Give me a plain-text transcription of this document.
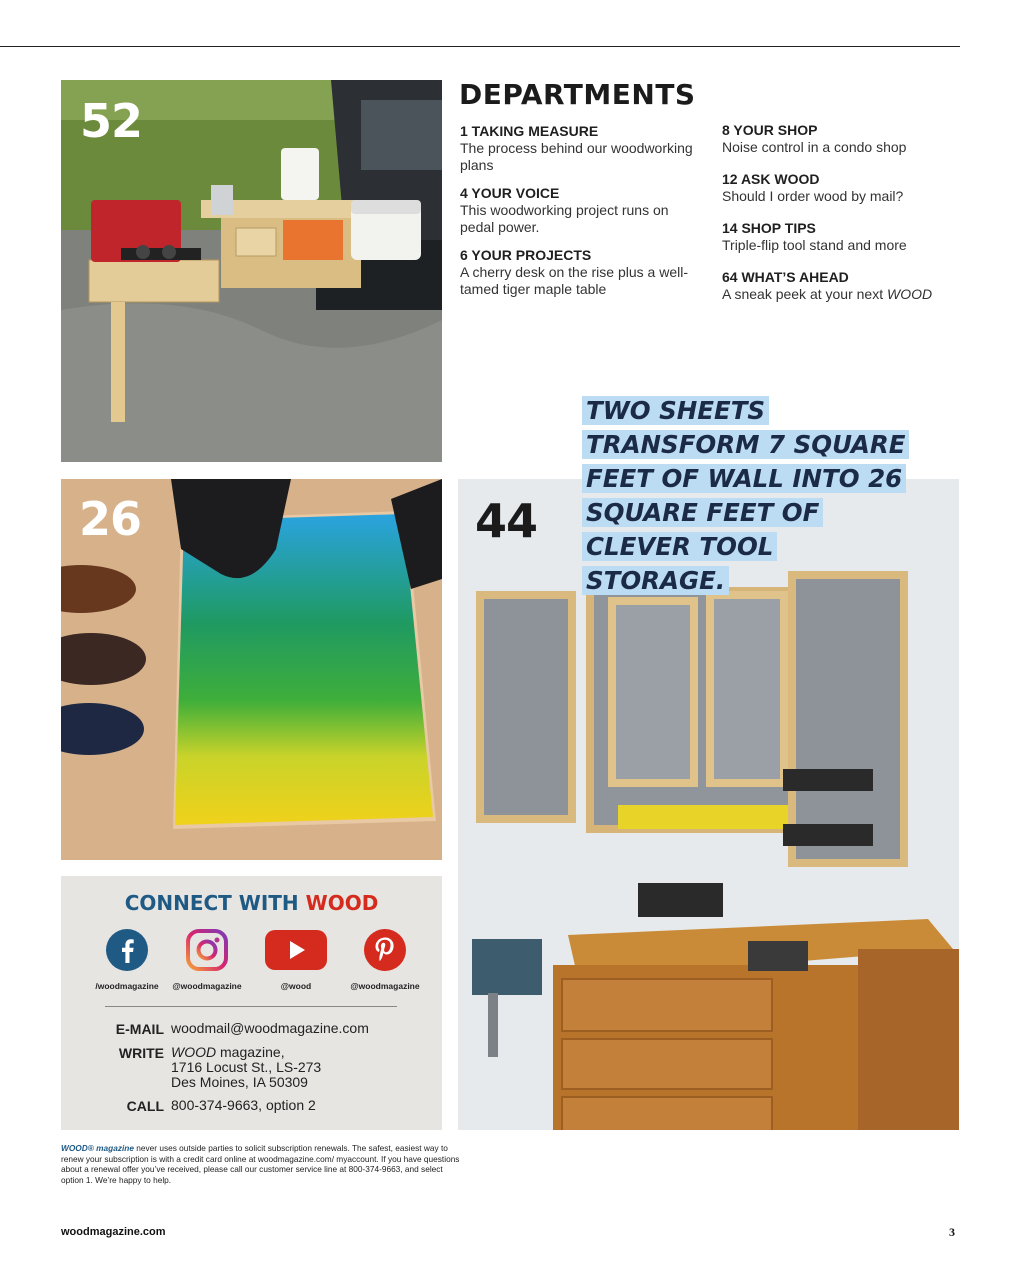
52	DEPARTMENTS
1 TAKING MEASURE
The process behind our woodworking plans
4 YOUR VOICE
This woodworking project runs on pedal power.
6 YOUR PROJECTS
A cherry desk on the rise plus a well-tamed tiger maple table
8 YOUR SHOP
Noise control in a condo shop
12 ASK WOOD
Should I order wood by mail?
14 SHOP TIPS
Triple-flip tool stand and more
64 WHAT’S AHEAD
A sneak peek at your next WOOD
26	44
TWO SHEETS TRANSFORM 7 SQUARE FEET OF WALL INTO 26 SQUARE FEET OF CLEVER TOOL STORAGE.
CONNECT WITH WOOD
/woodmagazine	@woodmagazine	@wood	@woodmagazine
E-MAIL woodmail@woodmagazine.com
WRITE WOOD magazine,
1716 Locust St., LS-273
Des Moines, IA 50309
CALL 800-374-9663, option 2
WOOD® magazine never uses outside parties to solicit subscription renewals. The safest, easiest way to renew your subscription is with a credit card online at woodmagazine.com/ myaccount. If you have questions about a renewal offer you’ve received, please call our customer service line at 800-374-9663, and select option 1. We’re happy to help.
woodmagazine.com	3
